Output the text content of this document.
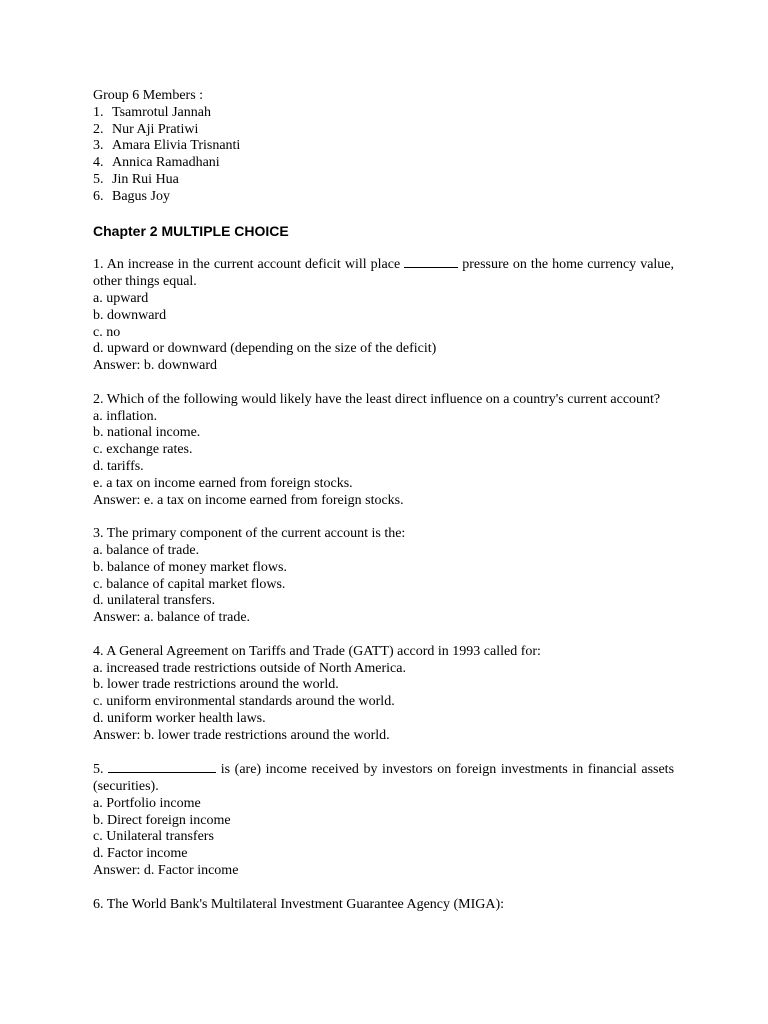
Group 6 Members :
1. Tsamrotul Jannah
2. Nur Aji Pratiwi
3. Amara Elivia Trisnanti
4. Annica Ramadhani
5. Jin Rui Hua
6. Bagus Joy
Chapter 2 MULTIPLE CHOICE
1. An increase in the current account deficit will place	pressure on the home currency value, other things equal.
a. upward
b. downward
c. no
d. upward or downward (depending on the size of the deficit)
Answer: b. downward
2. Which of the following would likely have the least direct influence on a country's current account?
a. inflation.
b. national income.
c. exchange rates.
d. tariffs.
e. a tax on income earned from foreign stocks.
Answer: e. a tax on income earned from foreign stocks.
3. The primary component of the current account is the:
a. balance of trade.
b. balance of money market flows.
c. balance of capital market flows.
d. unilateral transfers.
Answer: a. balance of trade.
4. A General Agreement on Tariffs and Trade (GATT) accord in 1993 called for:
a. increased trade restrictions outside of North America.
b. lower trade restrictions around the world.
c. uniform environmental standards around the world.
d. uniform worker health laws.
Answer: b. lower trade restrictions around the world.
5.	is (are) income received by investors on foreign investments in financial assets (securities).
a. Portfolio income
b. Direct foreign income
c. Unilateral transfers
d. Factor income
Answer: d. Factor income
6. The World Bank's Multilateral Investment Guarantee Agency (MIGA):
